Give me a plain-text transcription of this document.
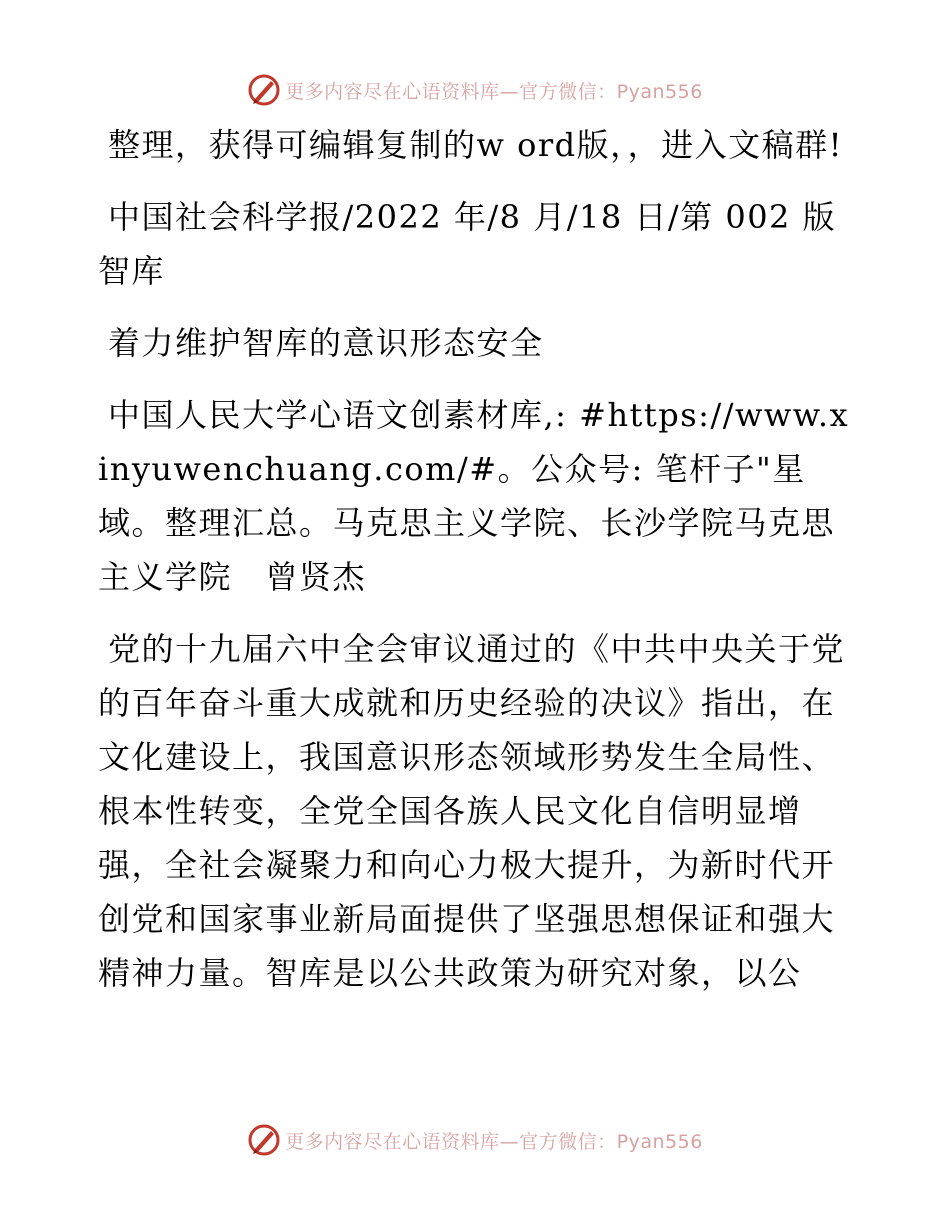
更多内容尽在心语资料库—官方微信：Pyan556

整理，获得可编辑复制的w ord版，，进入文稿群!

中国社会科学报/2022 年/8 月/18 日/第 002 版智库

着力维护智库的意识形态安全

中国人民大学心语文创素材库,: #https://www.xinyuwenchuang.com/#。公众号: 笔杆子"星域。整理汇总。马克思主义学院、长沙学院马克思主义学院　曾贤杰

党的十九届六中全会审议通过的《中共中央关于党的百年奋斗重大成就和历史经验的决议》指出，在文化建设上，我国意识形态领域形势发生全局性、根本性转变，全党全国各族人民文化自信明显增强，全社会凝聚力和向心力极大提升，为新时代开创党和国家事业新局面提供了坚强思想保证和强大精神力量。智库是以公共政策为研究对象，以公

更多内容尽在心语资料库—官方微信：Pyan556
